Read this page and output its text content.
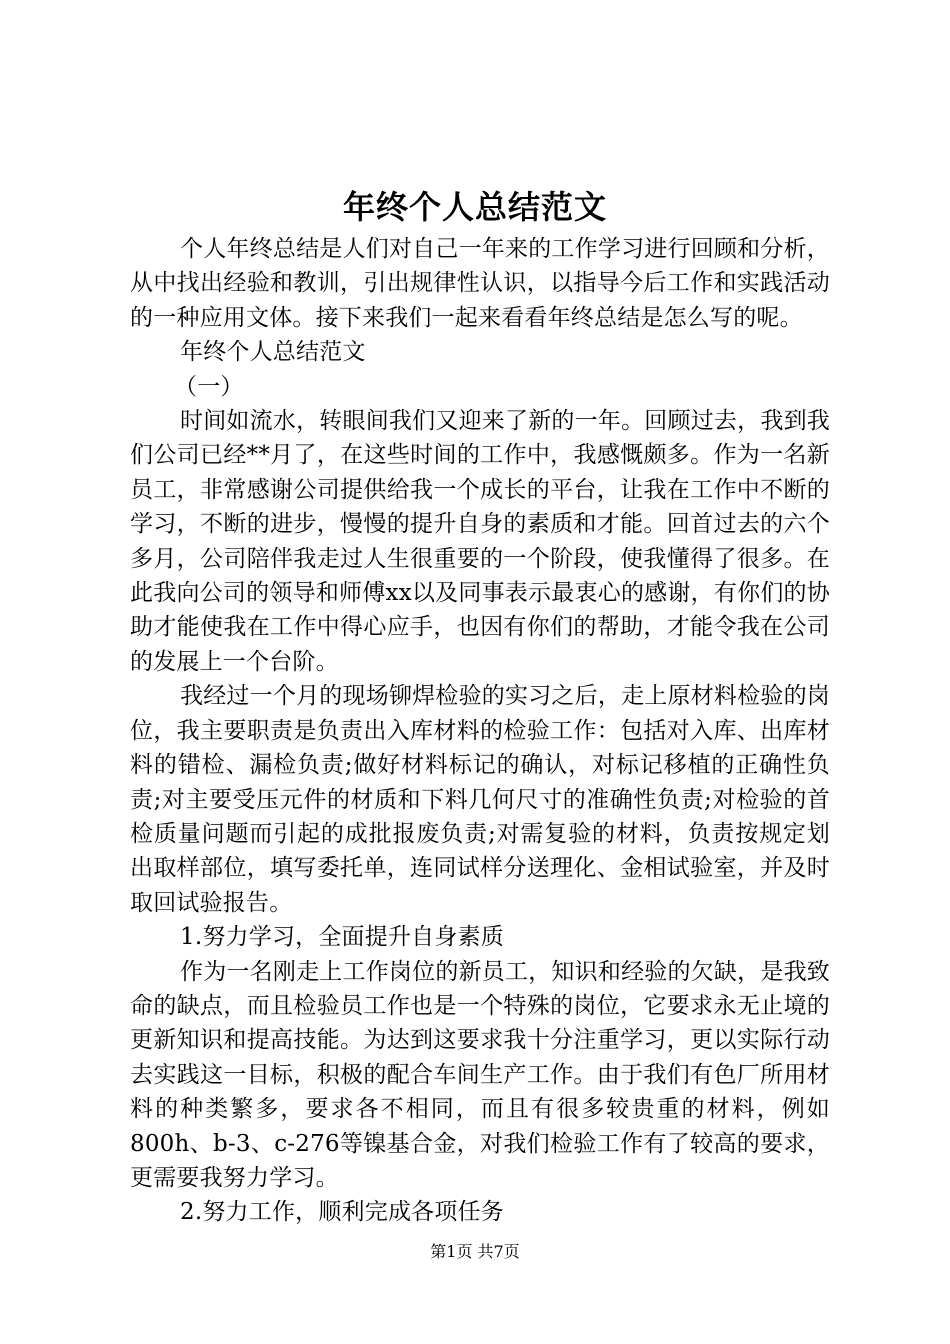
年终个人总结范文

个人年终总结是人们对自己一年来的工作学习进行回顾和分析，从中找出经验和教训，引出规律性认识，以指导今后工作和实践活动的一种应用文体。接下来我们一起来看看年终总结是怎么写的呢。

年终个人总结范文

（一）

时间如流水，转眼间我们又迎来了新的一年。回顾过去，我到我们公司已经**月了，在这些时间的工作中，我感慨颇多。作为一名新员工，非常感谢公司提供给我一个成长的平台，让我在工作中不断的学习，不断的进步，慢慢的提升自身的素质和才能。回首过去的六个多月，公司陪伴我走过人生很重要的一个阶段，使我懂得了很多。在此我向公司的领导和师傅xx以及同事表示最衷心的感谢，有你们的协助才能使我在工作中得心应手，也因有你们的帮助，才能令我在公司的发展上一个台阶。

我经过一个月的现场铆焊检验的实习之后，走上原材料检验的岗位，我主要职责是负责出入库材料的检验工作：包括对入库、出库材料的错检、漏检负责;做好材料标记的确认，对标记移植的正确性负责;对主要受压元件的材质和下料几何尺寸的准确性负责;对检验的首检质量问题而引起的成批报废负责;对需复验的材料，负责按规定划出取样部位，填写委托单，连同试样分送理化、金相试验室，并及时取回试验报告。

1.努力学习，全面提升自身素质

作为一名刚走上工作岗位的新员工，知识和经验的欠缺，是我致命的缺点，而且检验员工作也是一个特殊的岗位，它要求永无止境的更新知识和提高技能。为达到这要求我十分注重学习，更以实际行动去实践这一目标，积极的配合车间生产工作。由于我们有色厂所用材料的种类繁多，要求各不相同，而且有很多较贵重的材料，例如800h、b-3、c-276等镍基合金，对我们检验工作有了较高的要求，更需要我努力学习。

2.努力工作，顺利完成各项任务

第1页 共7页
